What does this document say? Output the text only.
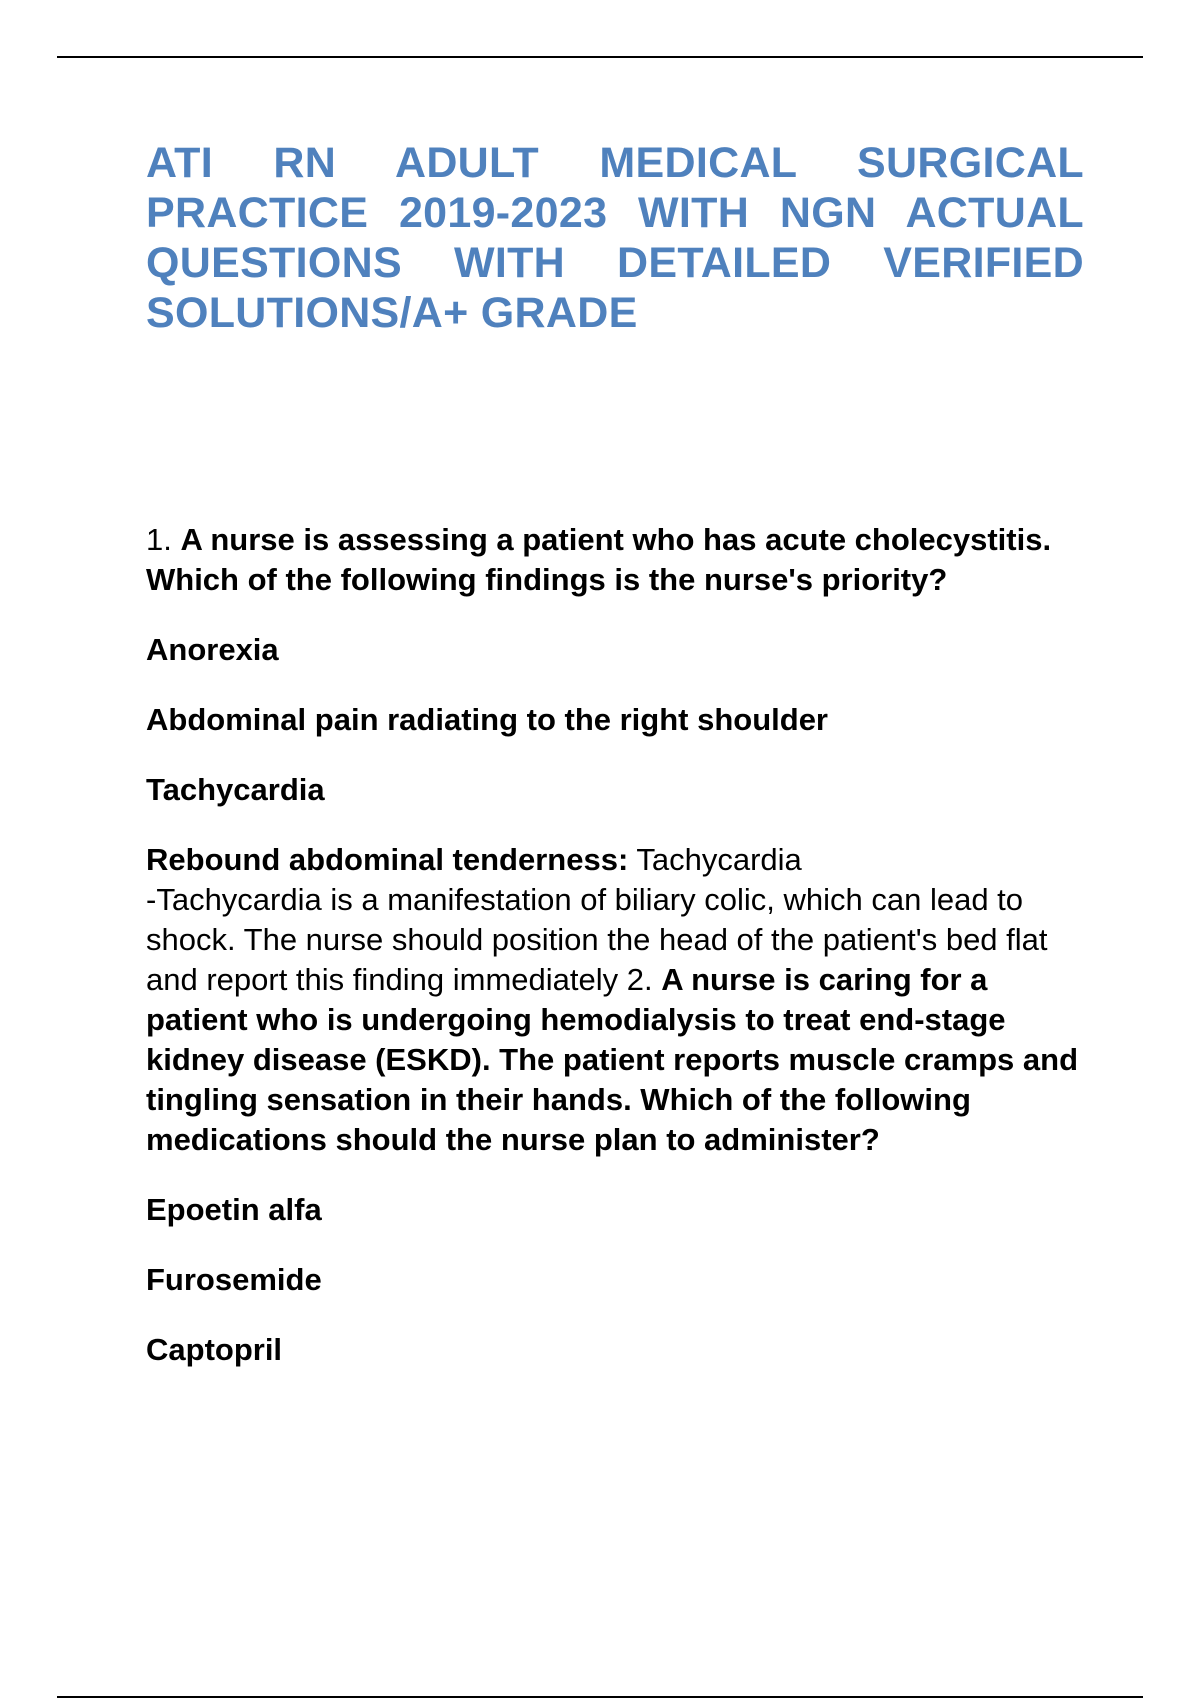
ATI RN ADULT MEDICAL SURGICAL
PRACTICE 2019-2023 WITH NGN ACTUAL
QUESTIONS WITH DETAILED VERIFIED
SOLUTIONS/A+ GRADE

1. A nurse is assessing a patient who has acute cholecystitis. Which of the following findings is the nurse's priority?

Anorexia

Abdominal pain radiating to the right shoulder

Tachycardia

Rebound abdominal tenderness: Tachycardia
-Tachycardia is a manifestation of biliary colic, which can lead to shock. The nurse should position the head of the patient's bed flat and report this finding immediately 2. A nurse is caring for a patient who is undergoing hemodialysis to treat end-stage kidney disease (ESKD). The patient reports muscle cramps and tingling sensation in their hands. Which of the following medications should the nurse plan to administer?

Epoetin alfa

Furosemide

Captopril
